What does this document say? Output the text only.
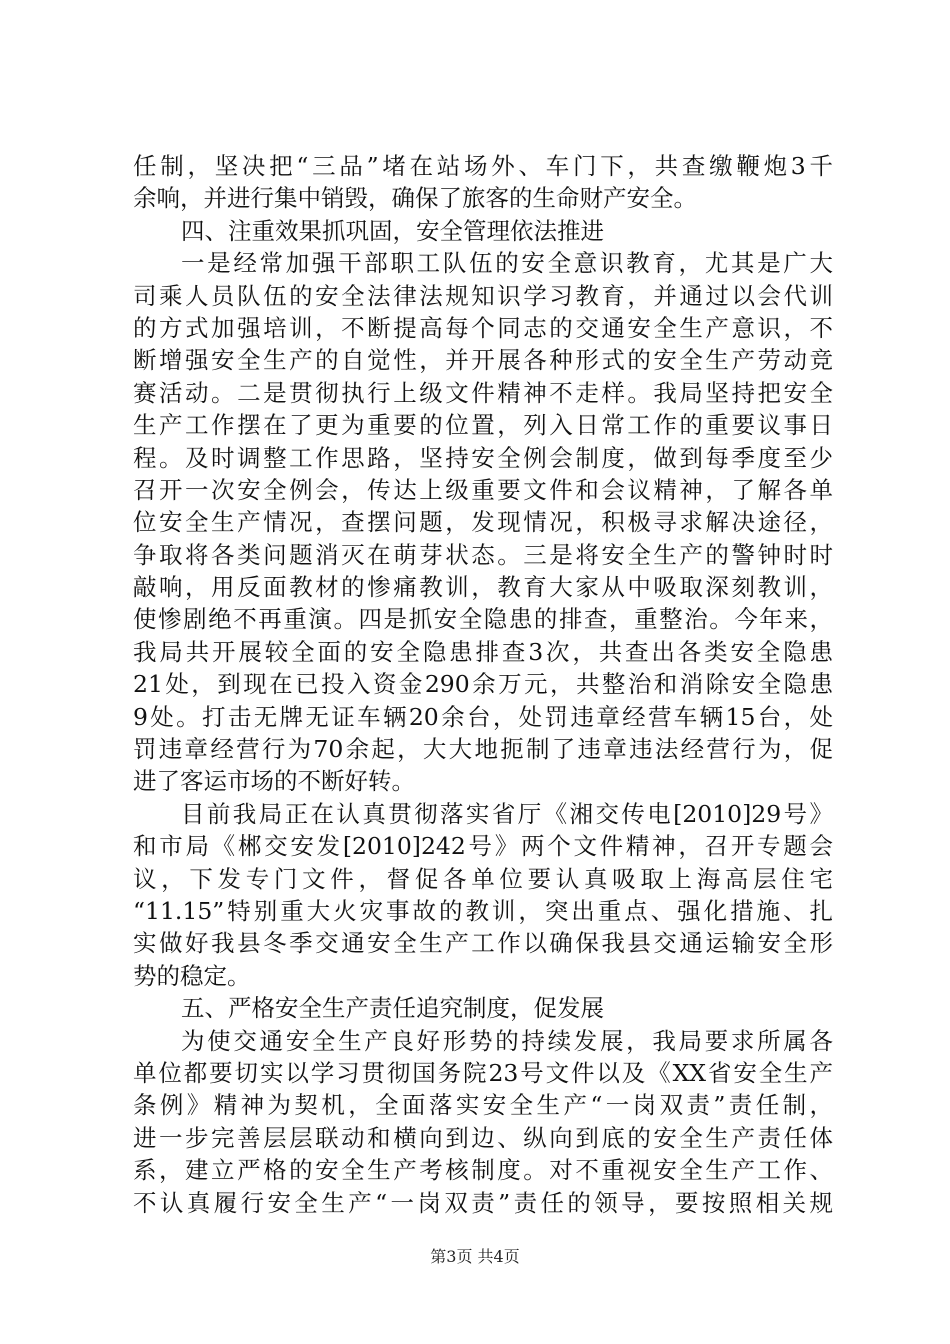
任制，坚决把“三品”堵在站场外、车门下，共查缴鞭炮3千
余响，并进行集中销毁，确保了旅客的生命财产安全。
四、注重效果抓巩固，安全管理依法推进
一是经常加强干部职工队伍的安全意识教育，尤其是广大
司乘人员队伍的安全法律法规知识学习教育，并通过以会代训
的方式加强培训，不断提高每个同志的交通安全生产意识，不
断增强安全生产的自觉性，并开展各种形式的安全生产劳动竞
赛活动。二是贯彻执行上级文件精神不走样。我局坚持把安全
生产工作摆在了更为重要的位置，列入日常工作的重要议事日
程。及时调整工作思路，坚持安全例会制度，做到每季度至少
召开一次安全例会，传达上级重要文件和会议精神，了解各单
位安全生产情况，查摆问题，发现情况，积极寻求解决途径，
争取将各类问题消灭在萌芽状态。三是将安全生产的警钟时时
敲响，用反面教材的惨痛教训，教育大家从中吸取深刻教训，
使惨剧绝不再重演。四是抓安全隐患的排查，重整治。今年来，
我局共开展较全面的安全隐患排查3次，共查出各类安全隐患
21处，到现在已投入资金290余万元，共整治和消除安全隐患
9处。打击无牌无证车辆20余台，处罚违章经营车辆15台，处
罚违章经营行为70余起，大大地扼制了违章违法经营行为，促
进了客运市场的不断好转。
目前我局正在认真贯彻落实省厅《湘交传电[2010]29号》
和市局《郴交安发[2010]242号》两个文件精神，召开专题会
议，下发专门文件，督促各单位要认真吸取上海高层住宅
“11.15”特别重大火灾事故的教训，突出重点、强化措施、扎
实做好我县冬季交通安全生产工作以确保我县交通运输安全形
势的稳定。
五、严格安全生产责任追究制度，促发展
为使交通安全生产良好形势的持续发展，我局要求所属各
单位都要切实以学习贯彻国务院23号文件以及《XX省安全生产
条例》精神为契机，全面落实安全生产“一岗双责”责任制，
进一步完善层层联动和横向到边、纵向到底的安全生产责任体
系，建立严格的安全生产考核制度。对不重视安全生产工作、
不认真履行安全生产“一岗双责”责任的领导，要按照相关规
第3页 共4页
